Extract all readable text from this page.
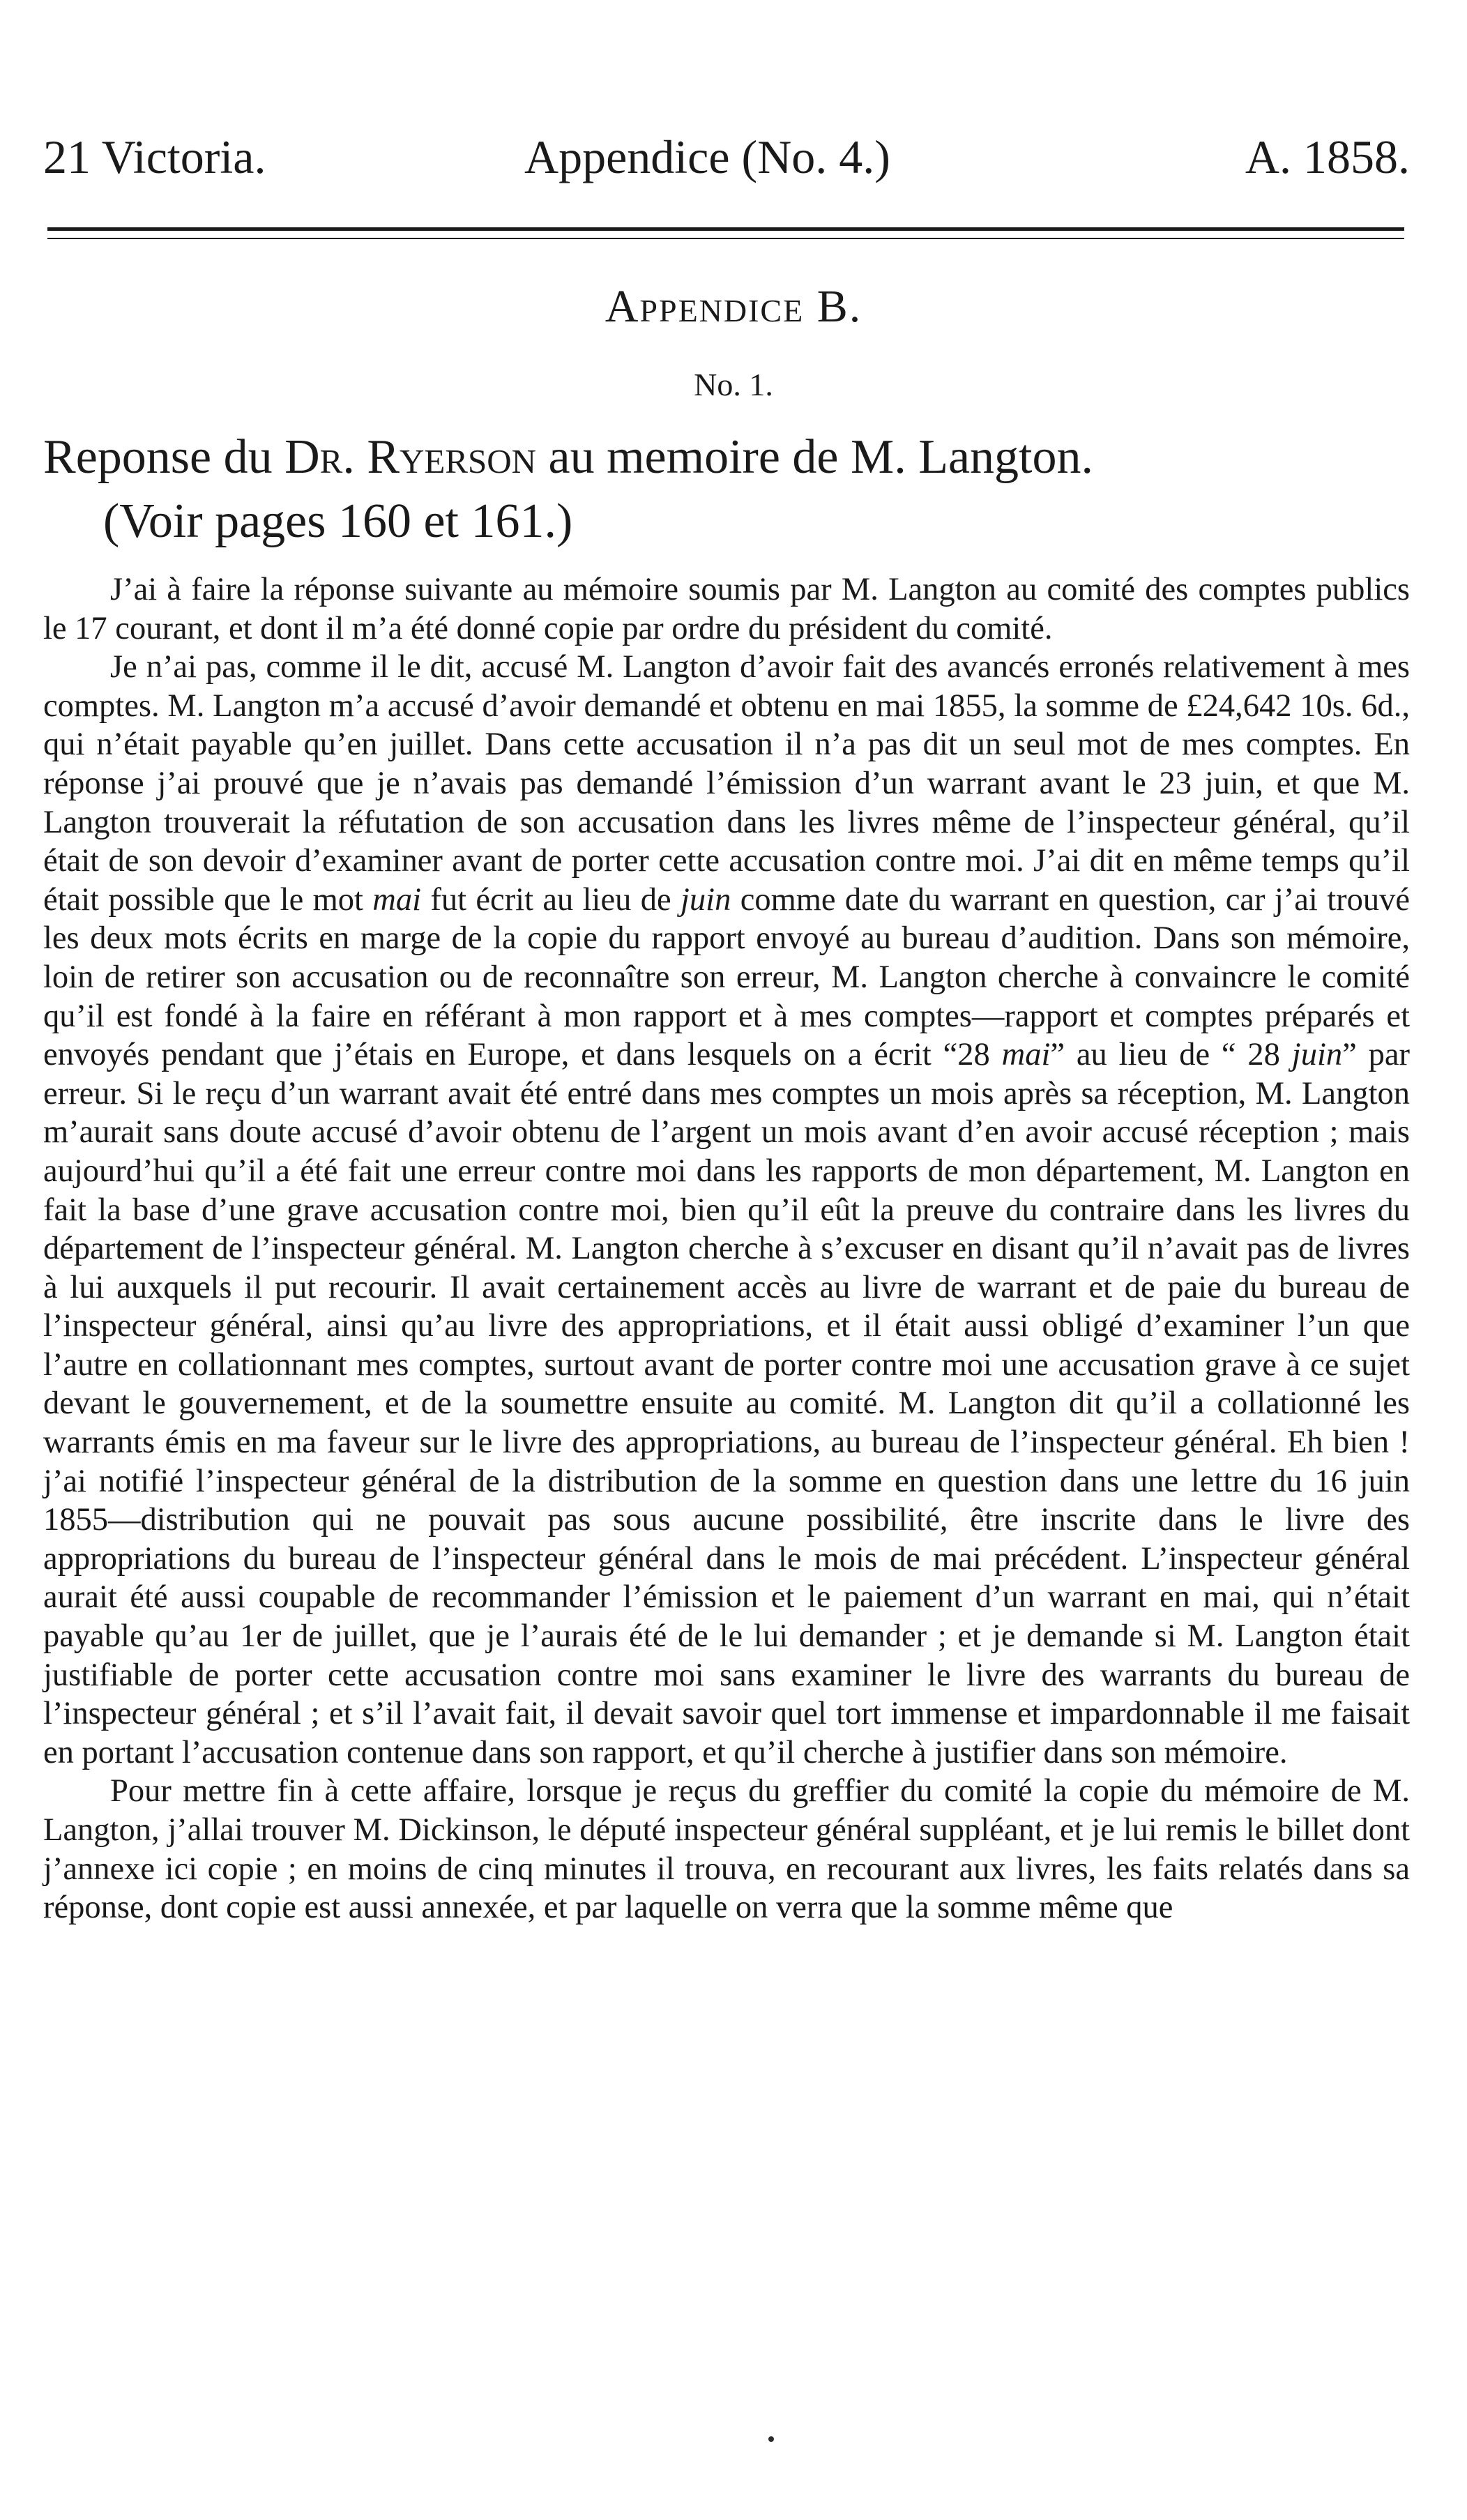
21 Victoria.	Appendice (No. 4.)	A. 1858.
Appendice B.
No. 1.
Reponse du Dr. Ryerson au memoire de M. Langton.
(Voir pages 160 et 161.)

J’ai à faire la réponse suivante au mémoire soumis par M. Langton au comité des comptes publics le 17 courant, et dont il m’a été donné copie par ordre du président du comité.

Je n’ai pas, comme il le dit, accusé M. Langton d’avoir fait des avancés erronés relativement à mes comptes. M. Langton m’a accusé d’avoir demandé et obtenu en mai 1855, la somme de £24,642 10s. 6d., qui n’était payable qu’en juillet. Dans cette accusation il n’a pas dit un seul mot de mes comptes. En réponse j’ai prouvé que je n’avais pas demandé l’émission d’un warrant avant le 23 juin, et que M. Langton trouverait la réfutation de son accusation dans les livres même de l’inspecteur général, qu’il était de son devoir d’examiner avant de porter cette accusation contre moi. J’ai dit en même temps qu’il était possible que le mot mai fut écrit au lieu de juin comme date du warrant en question, car j’ai trouvé les deux mots écrits en marge de la copie du rapport envoyé au bureau d’audition. Dans son mémoire, loin de retirer son accusation ou de reconnaître son erreur, M. Langton cherche à convaincre le comité qu’il est fondé à la faire en référant à mon rapport et à mes comptes—rapport et comptes préparés et envoyés pendant que j’étais en Europe, et dans lesquels on a écrit “28 mai” au lieu de “ 28 juin” par erreur. Si le reçu d’un warrant avait été entré dans mes comptes un mois après sa réception, M. Langton m’aurait sans doute accusé d’avoir obtenu de l’argent un mois avant d’en avoir accusé réception ; mais aujourd’hui qu’il a été fait une erreur contre moi dans les rapports de mon département, M. Langton en fait la base d’une grave accusation contre moi, bien qu’il eût la preuve du contraire dans les livres du département de l’inspecteur général. M. Langton cherche à s’excuser en disant qu’il n’avait pas de livres à lui auxquels il put recourir. Il avait certainement accès au livre de warrant et de paie du bureau de l’inspecteur général, ainsi qu’au livre des appropriations, et il était aussi obligé d’examiner l’un que l’autre en collationnant mes comptes, surtout avant de porter contre moi une accusation grave à ce sujet devant le gouvernement, et de la soumettre ensuite au comité. M. Langton dit qu’il a collationné les warrants émis en ma faveur sur le livre des appropriations, au bureau de l’inspecteur général. Eh bien ! j’ai notifié l’inspecteur général de la distribution de la somme en question dans une lettre du 16 juin 1855—distribution qui ne pouvait pas sous aucune possibilité, être inscrite dans le livre des appropriations du bureau de l’inspecteur général dans le mois de mai précédent. L’inspecteur général aurait été aussi coupable de recommander l’émission et le paiement d’un warrant en mai, qui n’était payable qu’au 1er de juillet, que je l’aurais été de le lui demander ; et je demande si M. Langton était justifiable de porter cette accusation contre moi sans examiner le livre des warrants du bureau de l’inspecteur général ; et s’il l’avait fait, il devait savoir quel tort immense et impardonnable il me faisait en portant l’accusation contenue dans son rapport, et qu’il cherche à justifier dans son mémoire.

Pour mettre fin à cette affaire, lorsque je reçus du greffier du comité la copie du mémoire de M. Langton, j’allai trouver M. Dickinson, le député inspecteur général suppléant, et je lui remis le billet dont j’annexe ici copie ; en moins de cinq minutes il trouva, en recourant aux livres, les faits relatés dans sa réponse, dont copie est aussi annexée, et par laquelle on verra que la somme même que
